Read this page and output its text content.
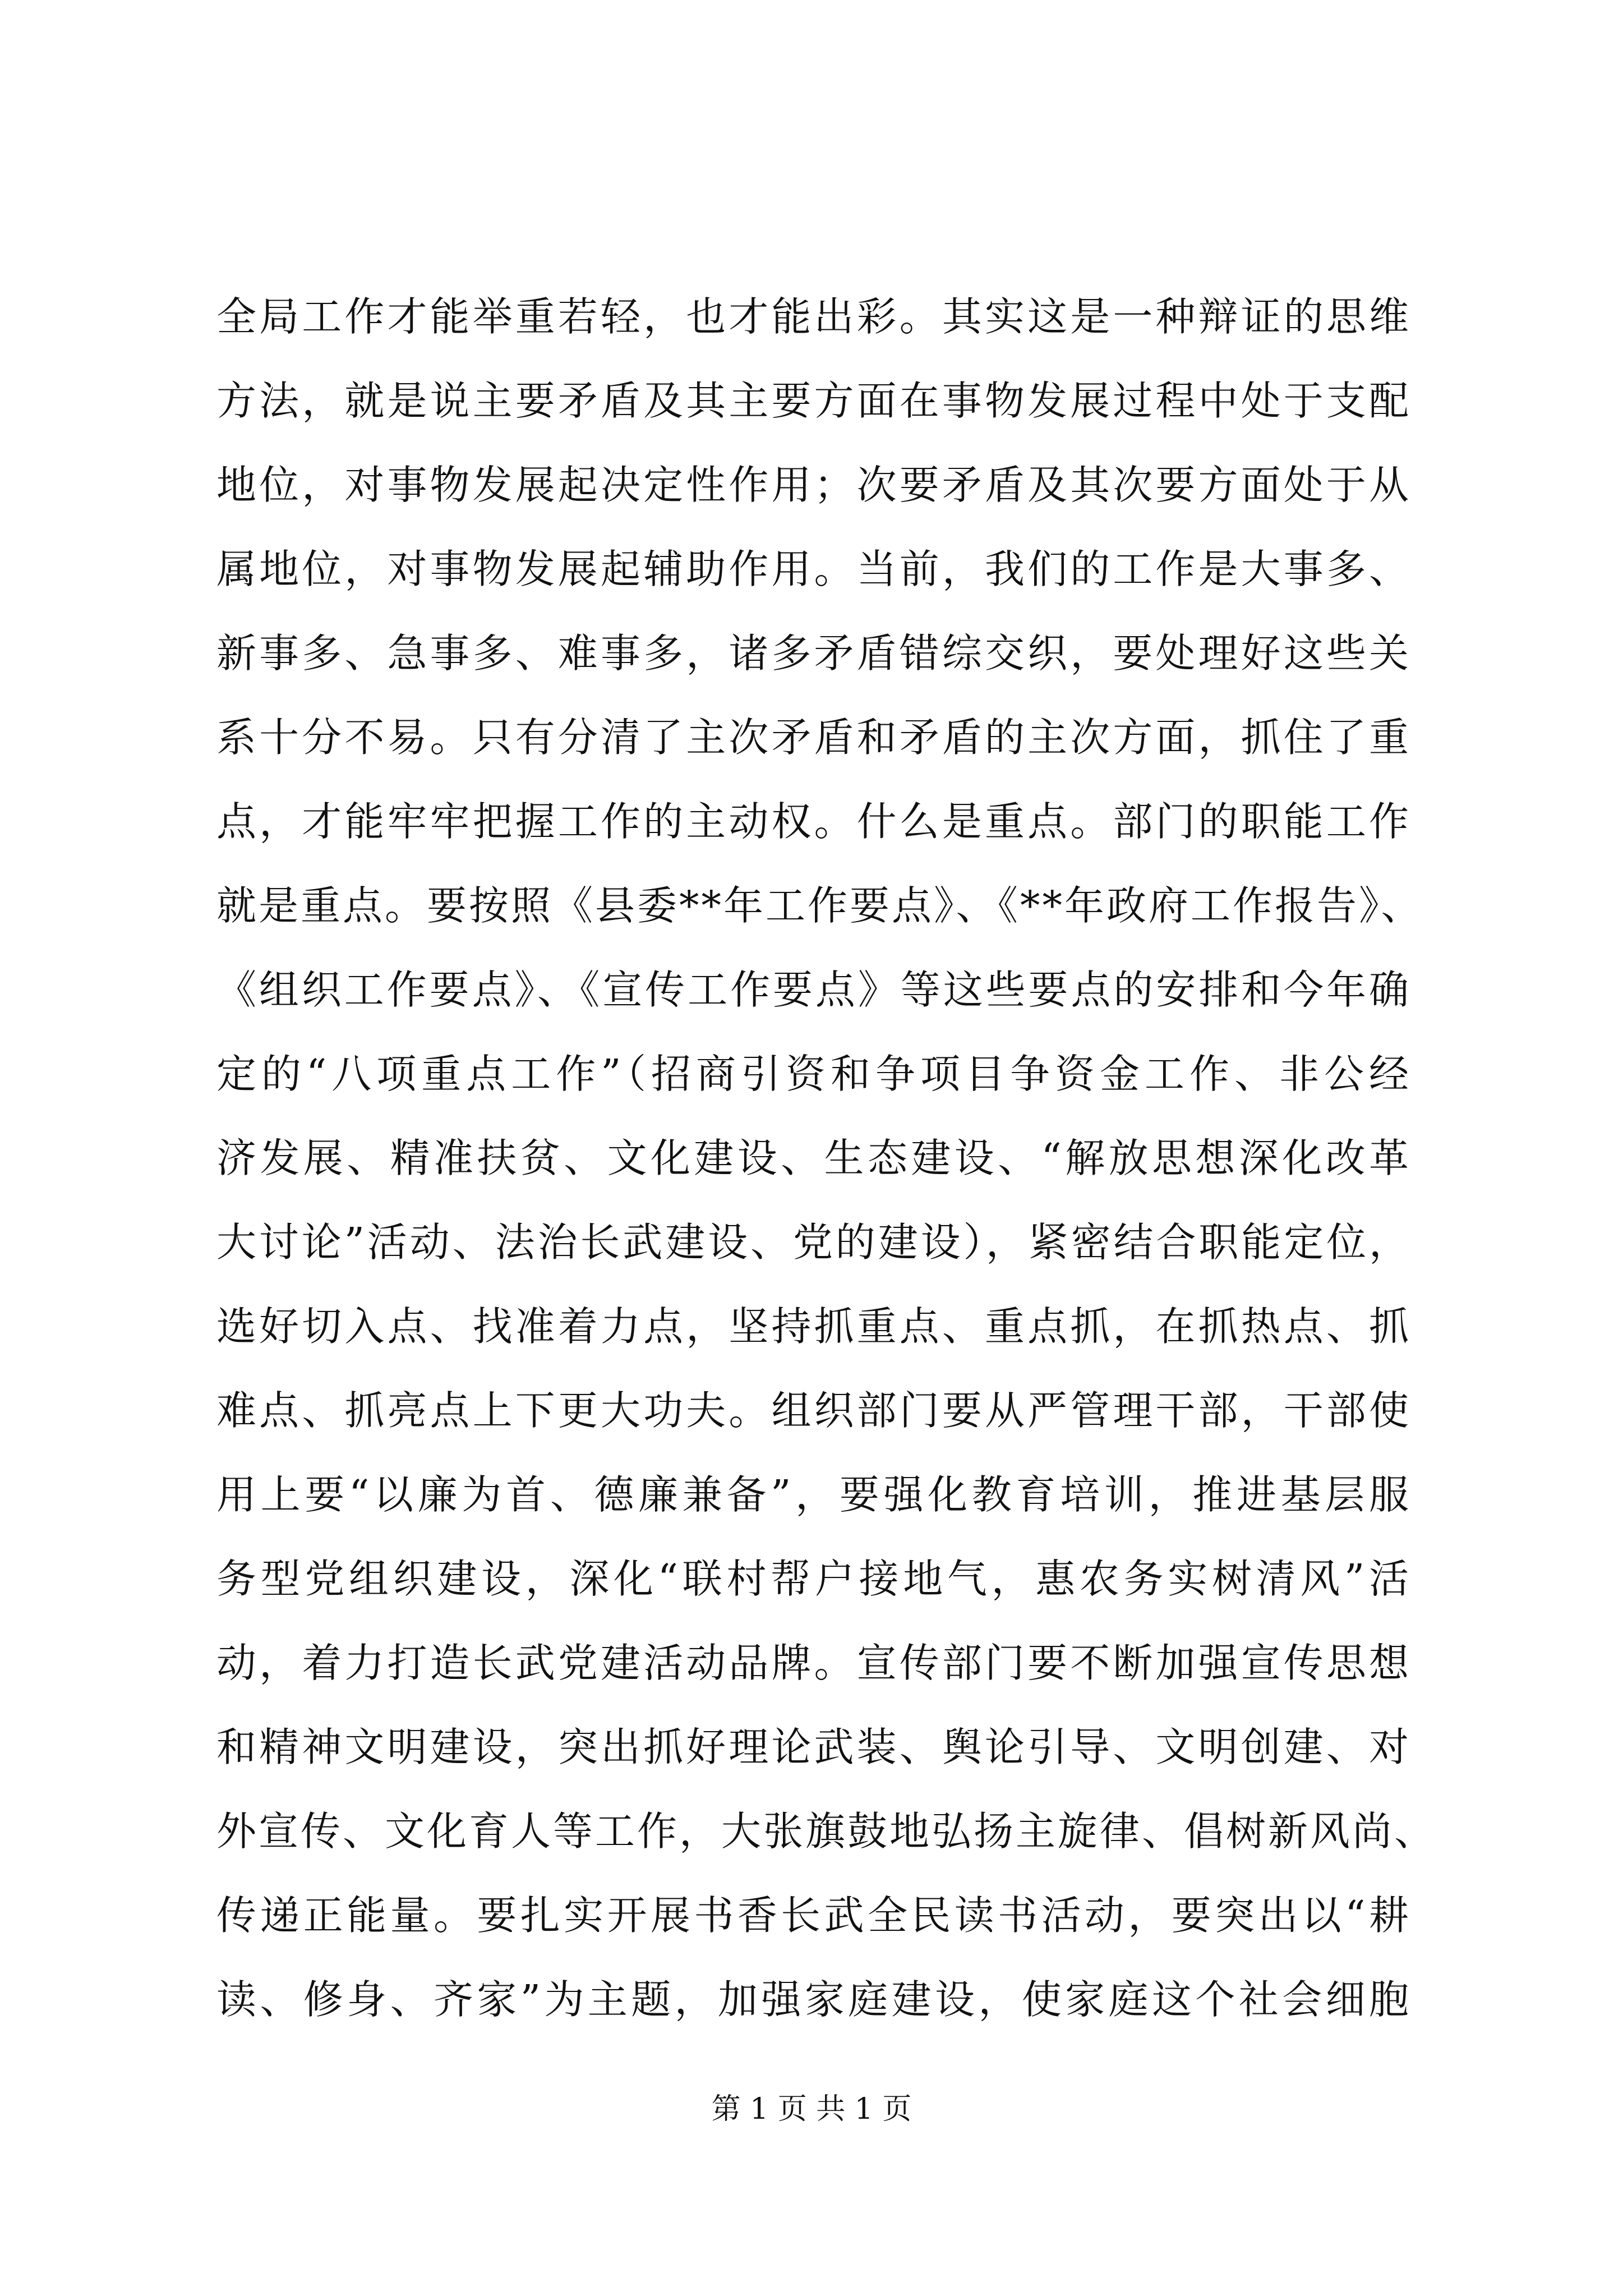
全局工作才能举重若轻，也才能出彩。其实这是一种辩证的思维
方法，就是说主要矛盾及其主要方面在事物发展过程中处于支配
地位，对事物发展起决定性作用；次要矛盾及其次要方面处于从
属地位，对事物发展起辅助作用。当前，我们的工作是大事多、
新事多、急事多、难事多，诸多矛盾错综交织，要处理好这些关
系十分不易。只有分清了主次矛盾和矛盾的主次方面，抓住了重
点，才能牢牢把握工作的主动权。什么是重点。部门的职能工作
就是重点。要按照《县委**年工作要点》、《**年政府工作报告》、
《组织工作要点》、《宣传工作要点》等这些要点的安排和今年确
定的“八项重点工作”（招商引资和争项目争资金工作、非公经
济发展、精准扶贫、文化建设、生态建设、“解放思想深化改革
大讨论”活动、法治长武建设、党的建设），紧密结合职能定位，
选好切入点、找准着力点，坚持抓重点、重点抓，在抓热点、抓
难点、抓亮点上下更大功夫。组织部门要从严管理干部，干部使
用上要“以廉为首、德廉兼备”，要强化教育培训，推进基层服
务型党组织建设，深化“联村帮户接地气，惠农务实树清风”活
动，着力打造长武党建活动品牌。宣传部门要不断加强宣传思想
和精神文明建设，突出抓好理论武装、舆论引导、文明创建、对
外宣传、文化育人等工作，大张旗鼓地弘扬主旋律、倡树新风尚、
传递正能量。要扎实开展书香长武全民读书活动，要突出以“耕
读、修身、齐家”为主题，加强家庭建设，使家庭这个社会细胞
第 1 页 共 1 页
